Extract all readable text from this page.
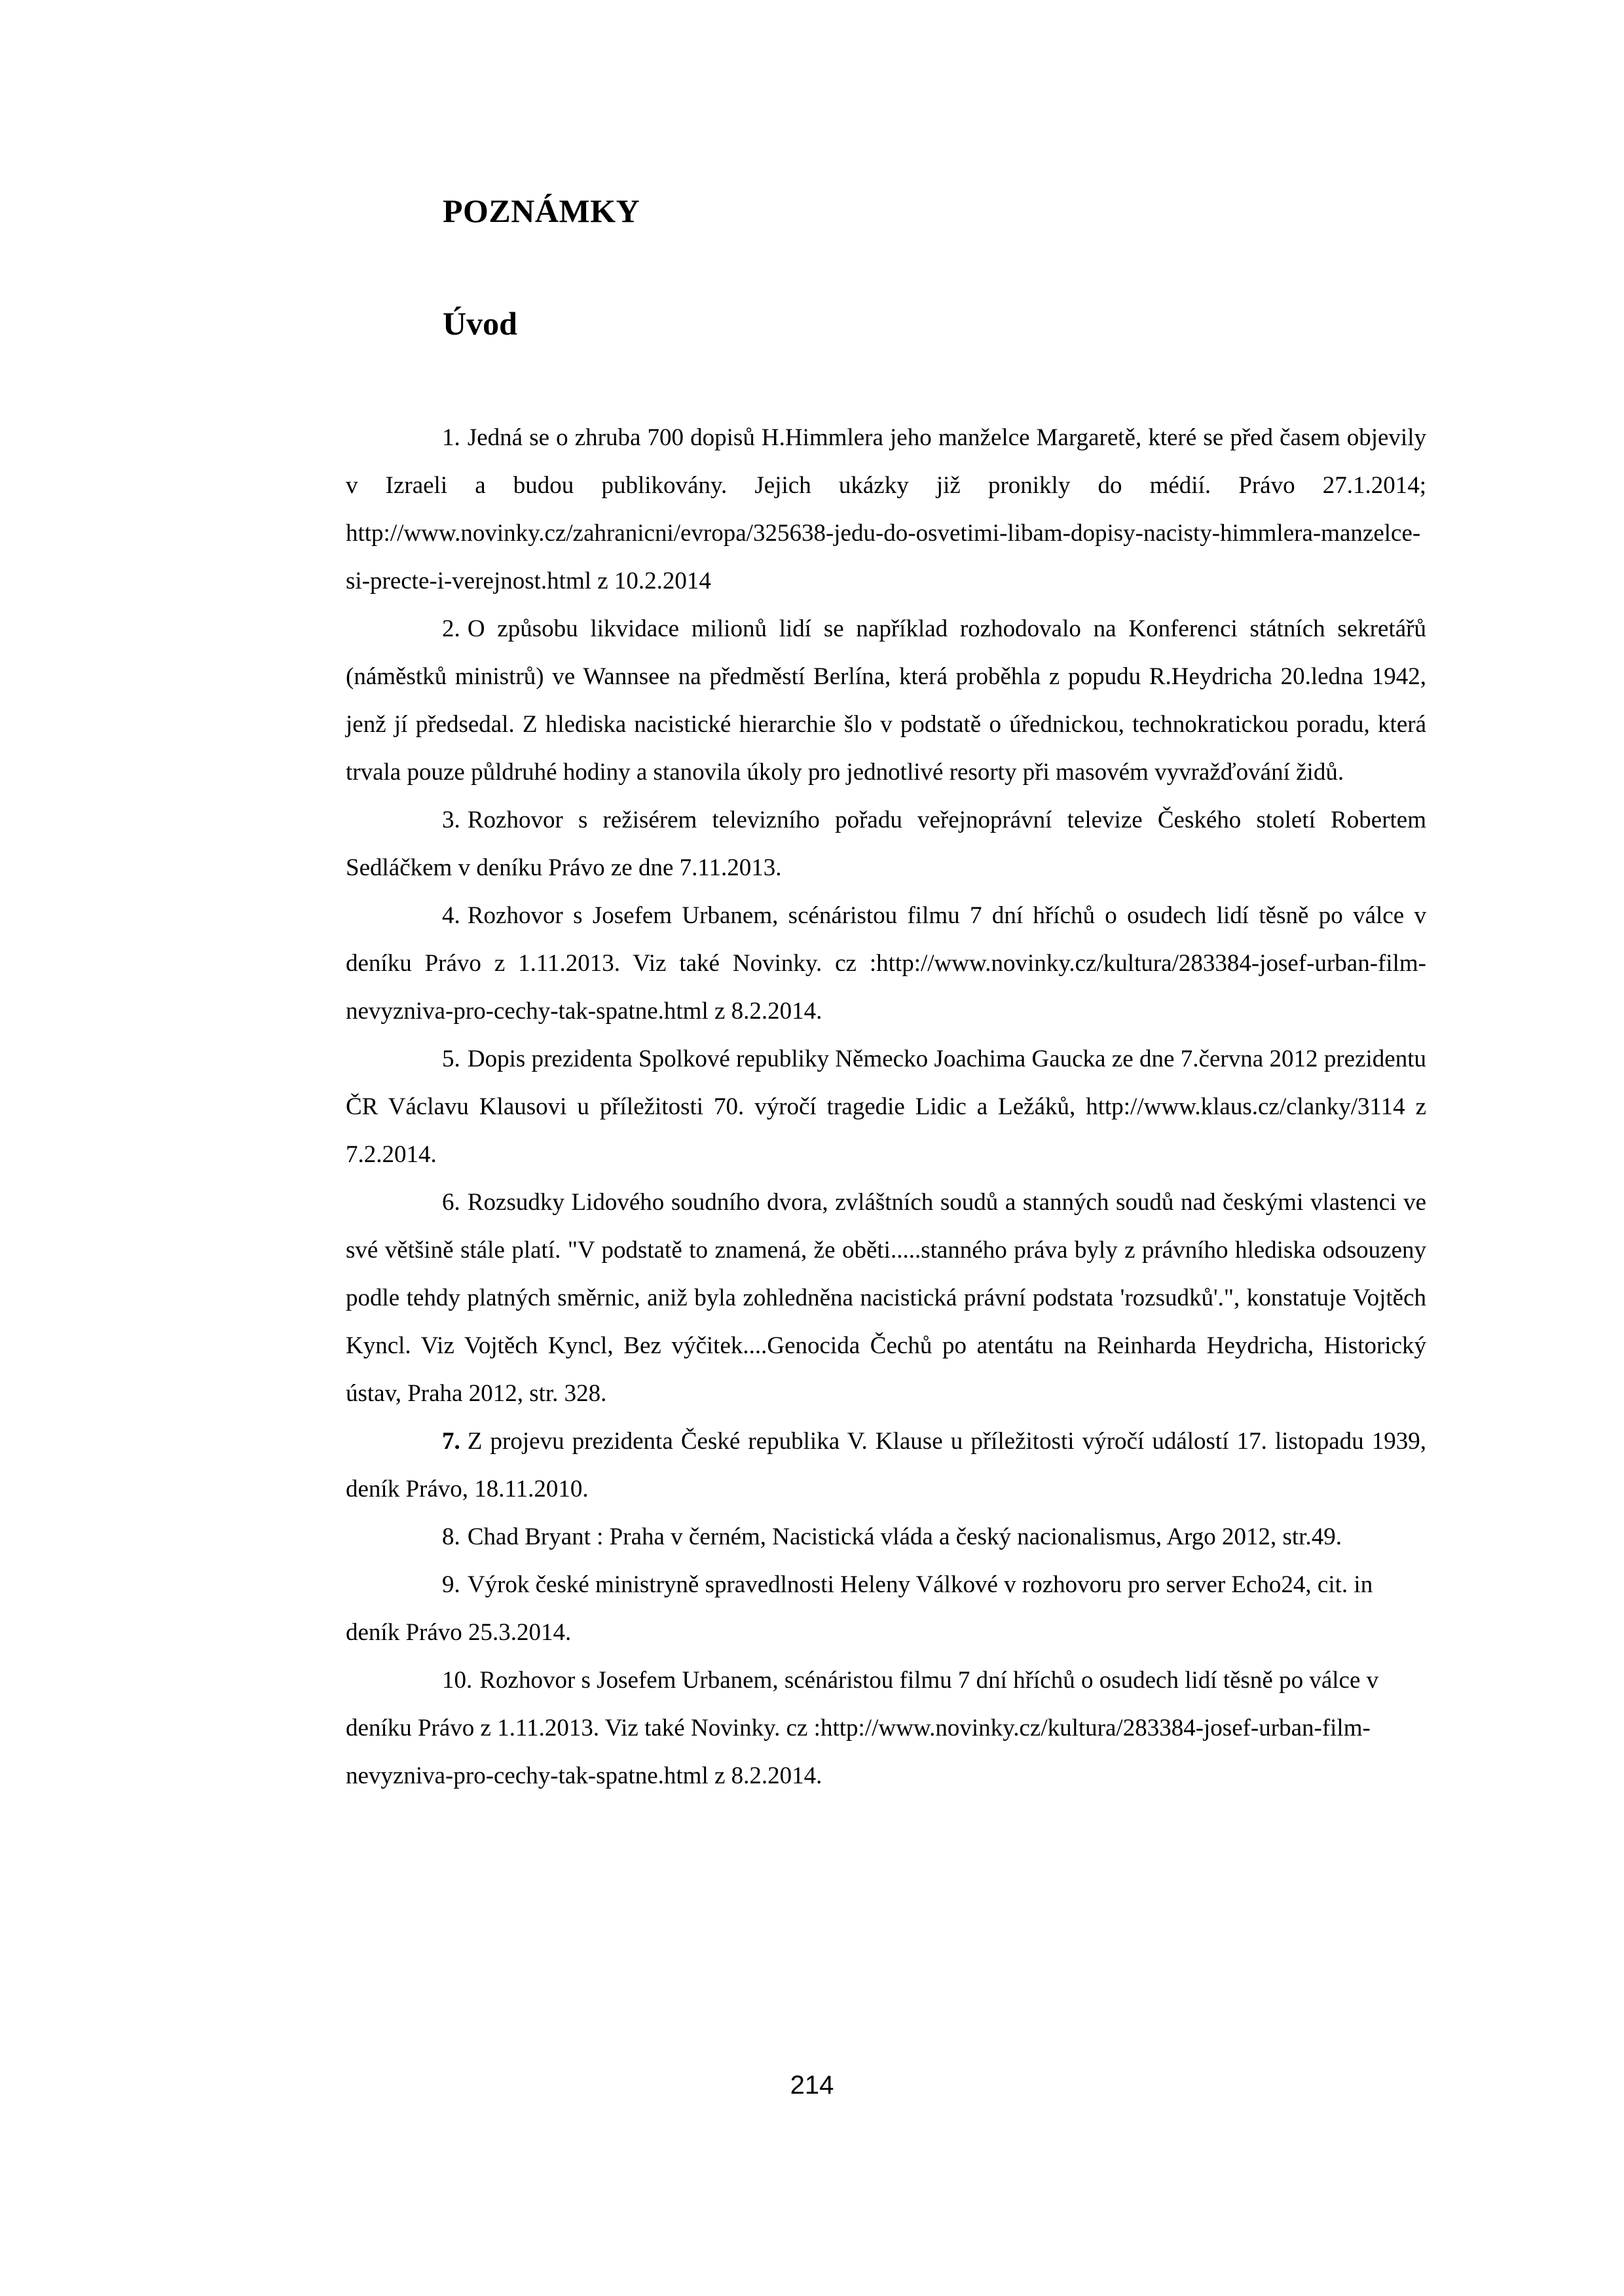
POZNÁMKY
Úvod

1. Jedná se o zhruba 700 dopisů H.Himmlera jeho manželce Margaretě, které se před časem objevily v Izraeli a budou publikovány. Jejich ukázky již pronikly do médií. Právo 27.1.2014; http://www.novinky.cz/zahranicni/evropa/325638-jedu-do-osvetimi-libam-dopisy-nacisty-himmlera-manzelce-si-precte-i-verejnost.html z 10.2.2014

2. O způsobu likvidace milionů lidí se například rozhodovalo na Konferenci státních sekretářů (náměstků ministrů) ve Wannsee na předměstí Berlína, která proběhla z popudu R.Heydricha 20.ledna 1942, jenž jí předsedal. Z hlediska nacistické hierarchie šlo v podstatě o úřednickou, technokratickou poradu, která trvala pouze půldruhé hodiny a stanovila úkoly pro jednotlivé resorty při masovém vyvražďování židů.

3. Rozhovor s režisérem televizního pořadu veřejnoprávní televize Českého století Robertem Sedláčkem v deníku Právo ze dne 7.11.2013.

4. Rozhovor s Josefem Urbanem, scénáristou filmu 7 dní hříchů o osudech lidí těsně po válce v deníku Právo z 1.11.2013. Viz také Novinky. cz :http://www.novinky.cz/kultura/283384-josef-urban-film-nevyzniva-pro-cechy-tak-spatne.html z 8.2.2014.

5. Dopis prezidenta Spolkové republiky Německo Joachima Gaucka ze dne 7.června 2012 prezidentu ČR Václavu Klausovi u příležitosti 70. výročí tragedie Lidic a Ležáků, http://www.klaus.cz/clanky/3114 z 7.2.2014.

6. Rozsudky Lidového soudního dvora, zvláštních soudů a stanných soudů nad českými vlastenci ve své většině stále platí. "V podstatě to znamená, že oběti.....stanného práva byly z právního hlediska odsouzeny podle tehdy platných směrnic, aniž byla zohledněna nacistická právní podstata 'rozsudků'.", konstatuje Vojtěch Kyncl. Viz Vojtěch Kyncl, Bez výčitek....Genocida Čechů po atentátu na Reinharda Heydricha, Historický ústav, Praha 2012, str. 328.

7. Z projevu prezidenta České republika V. Klause u příležitosti výročí událostí 17. listopadu 1939, deník Právo, 18.11.2010.

8. Chad Bryant : Praha v černém, Nacistická vláda a český nacionalismus, Argo 2012, str.49.

9. Výrok české ministryně spravedlnosti Heleny Válkové v rozhovoru pro server Echo24, cit. in deník Právo 25.3.2014.

10. Rozhovor s Josefem Urbanem, scénáristou filmu 7 dní hříchů o osudech lidí těsně po válce v deníku Právo z 1.11.2013. Viz také Novinky. cz :http://www.novinky.cz/kultura/283384-josef-urban-film-nevyzniva-pro-cechy-tak-spatne.html z 8.2.2014.

214
